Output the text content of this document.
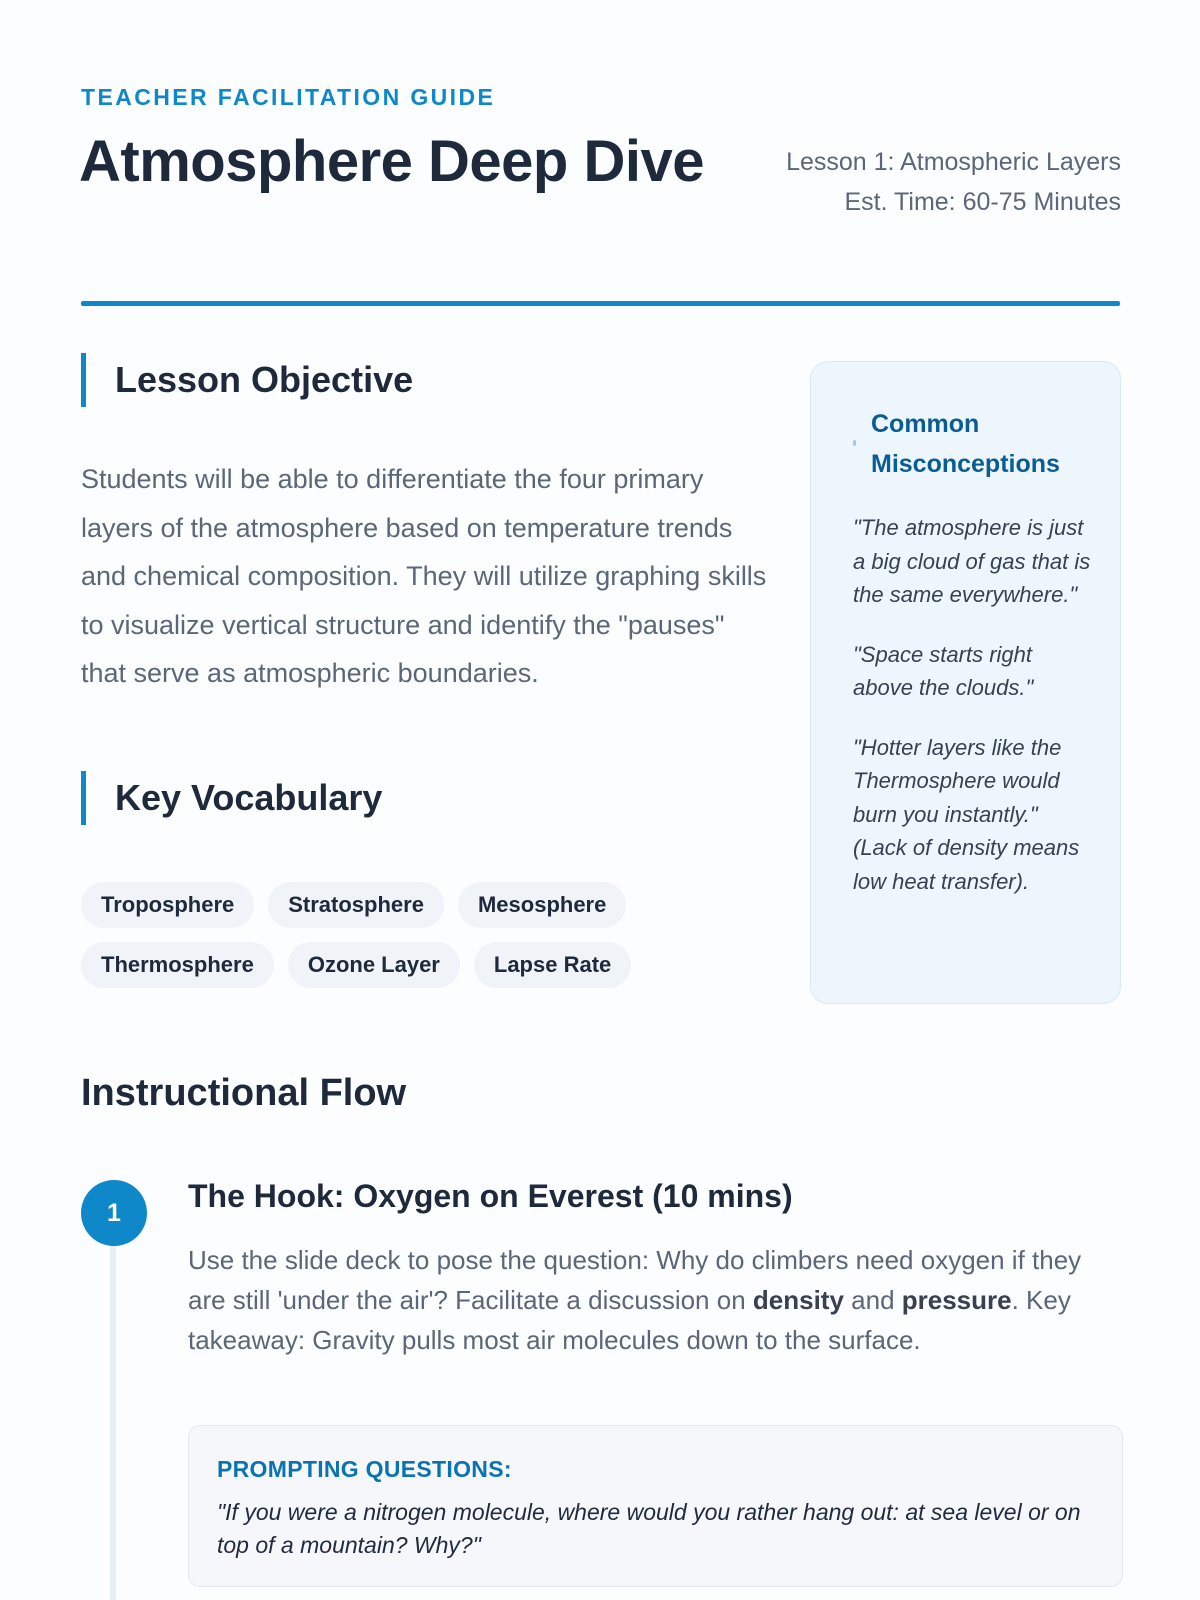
TEACHER FACILITATION GUIDE
Atmosphere Deep Dive	Lesson 1: Atmospheric Layers
Est. Time: 60-75 Minutes
Lesson Objective

Students will be able to differentiate the four primary layers of the atmosphere based on temperature trends and chemical composition. They will utilize graphing skills to visualize vertical structure and identify the "pauses" that serve as atmospheric boundaries.

Key Vocabulary
Troposphere	Stratosphere	Mesosphere
Thermosphere	Ozone Layer	Lapse Rate
Common Misconceptions

"The atmosphere is just a big cloud of gas that is the same everywhere."

"Space starts right above the clouds."

"Hotter layers like the Thermosphere would burn you instantly." (Lack of density means low heat transfer).

Instructional Flow
1	The Hook: Oxygen on Everest (10 mins)

Use the slide deck to pose the question: Why do climbers need oxygen if they are still 'under the air'? Facilitate a discussion on density and pressure. Key takeaway: Gravity pulls most air molecules down to the surface.

PROMPTING QUESTIONS:
"If you were a nitrogen molecule, where would you rather hang out: at sea level or on top of a mountain? Why?"
